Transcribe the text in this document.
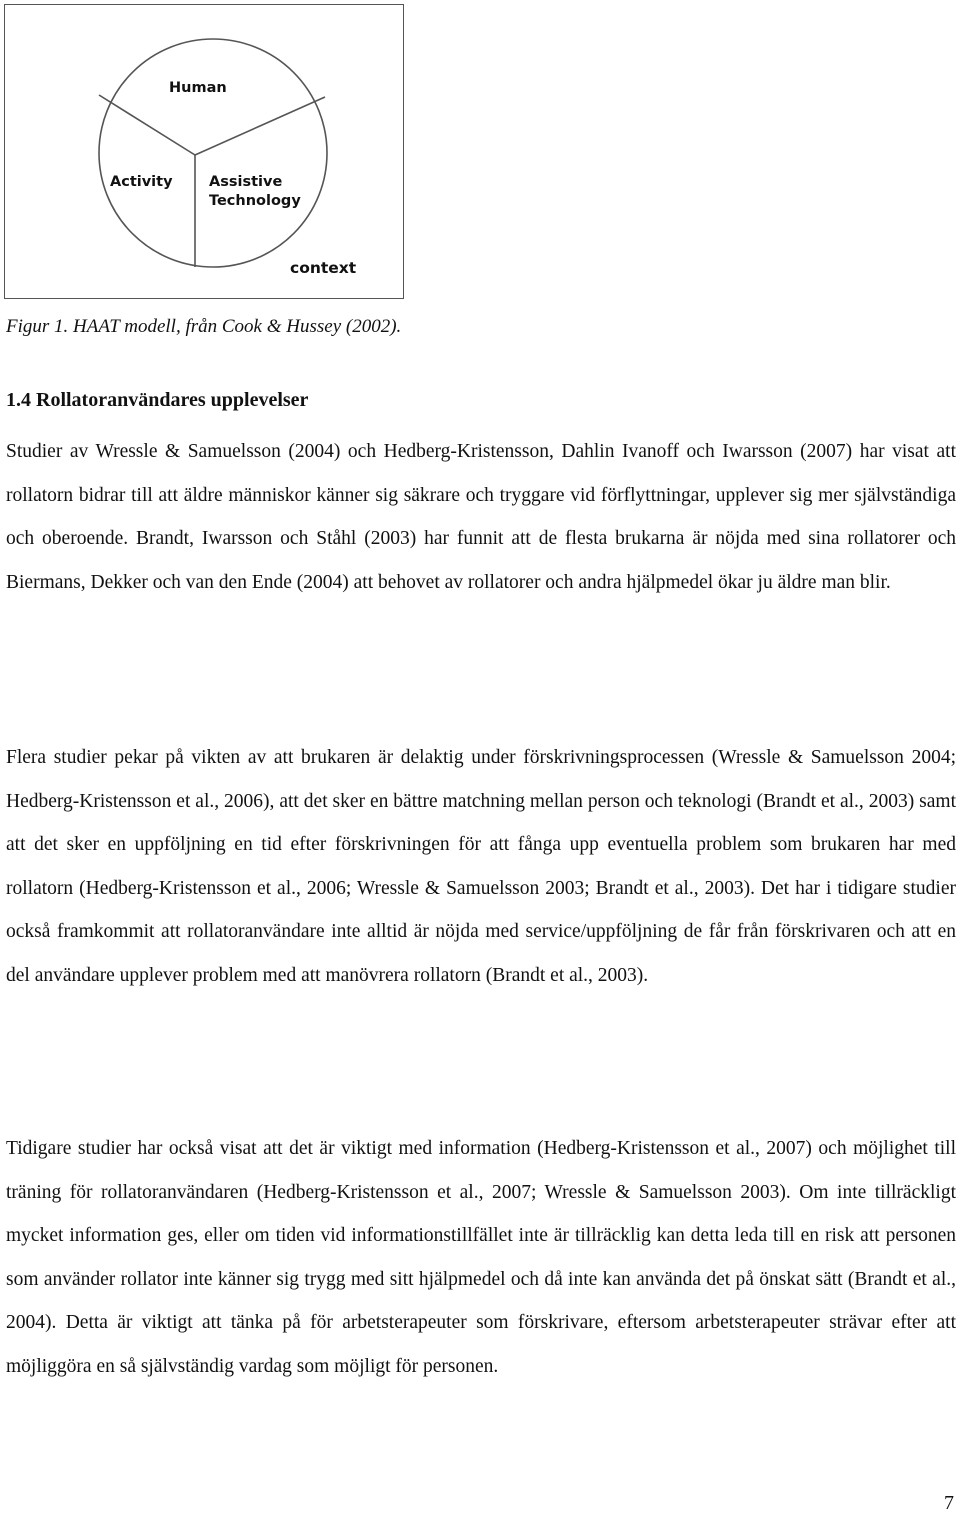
Human
Activity	Assistive
Technology
context
Figur 1. HAAT modell, från Cook & Hussey (2002).
1.4 Rollatoranvändares upplevelser
Studier av Wressle & Samuelsson (2004) och Hedberg-Kristensson, Dahlin Ivanoff och Iwarsson (2007) har visat att rollatorn bidrar till att äldre människor känner sig säkrare och tryggare vid förflyttningar, upplever sig mer självständiga och oberoende. Brandt, Iwarsson och Ståhl (2003) har funnit att de flesta brukarna är nöjda med sina rollatorer och Biermans, Dekker och van den Ende (2004) att behovet av rollatorer och andra hjälpmedel ökar ju äldre man blir.
Flera studier pekar på vikten av att brukaren är delaktig under förskrivningsprocessen (Wressle & Samuelsson 2004; Hedberg-Kristensson et al., 2006), att det sker en bättre matchning mellan person och teknologi (Brandt et al., 2003) samt att det sker en uppföljning en tid efter förskrivningen för att fånga upp eventuella problem som brukaren har med rollatorn (Hedberg-Kristensson et al., 2006; Wressle & Samuelsson 2003; Brandt et al., 2003). Det har i tidigare studier också framkommit att rollatoranvändare inte alltid är nöjda med service/uppföljning de får från förskrivaren och att en del användare upplever problem med att manövrera rollatorn (Brandt et al., 2003).
Tidigare studier har också visat att det är viktigt med information (Hedberg-Kristensson et al., 2007) och möjlighet till träning för rollatoranvändaren (Hedberg-Kristensson et al., 2007; Wressle & Samuelsson 2003). Om inte tillräckligt mycket information ges, eller om tiden vid informationstillfället inte är tillräcklig kan detta leda till en risk att personen som använder rollator inte känner sig trygg med sitt hjälpmedel och då inte kan använda det på önskat sätt (Brandt et al., 2004). Detta är viktigt att tänka på för arbetsterapeuter som förskrivare, eftersom arbetsterapeuter strävar efter att möjliggöra en så självständig vardag som möjligt för personen.
7
